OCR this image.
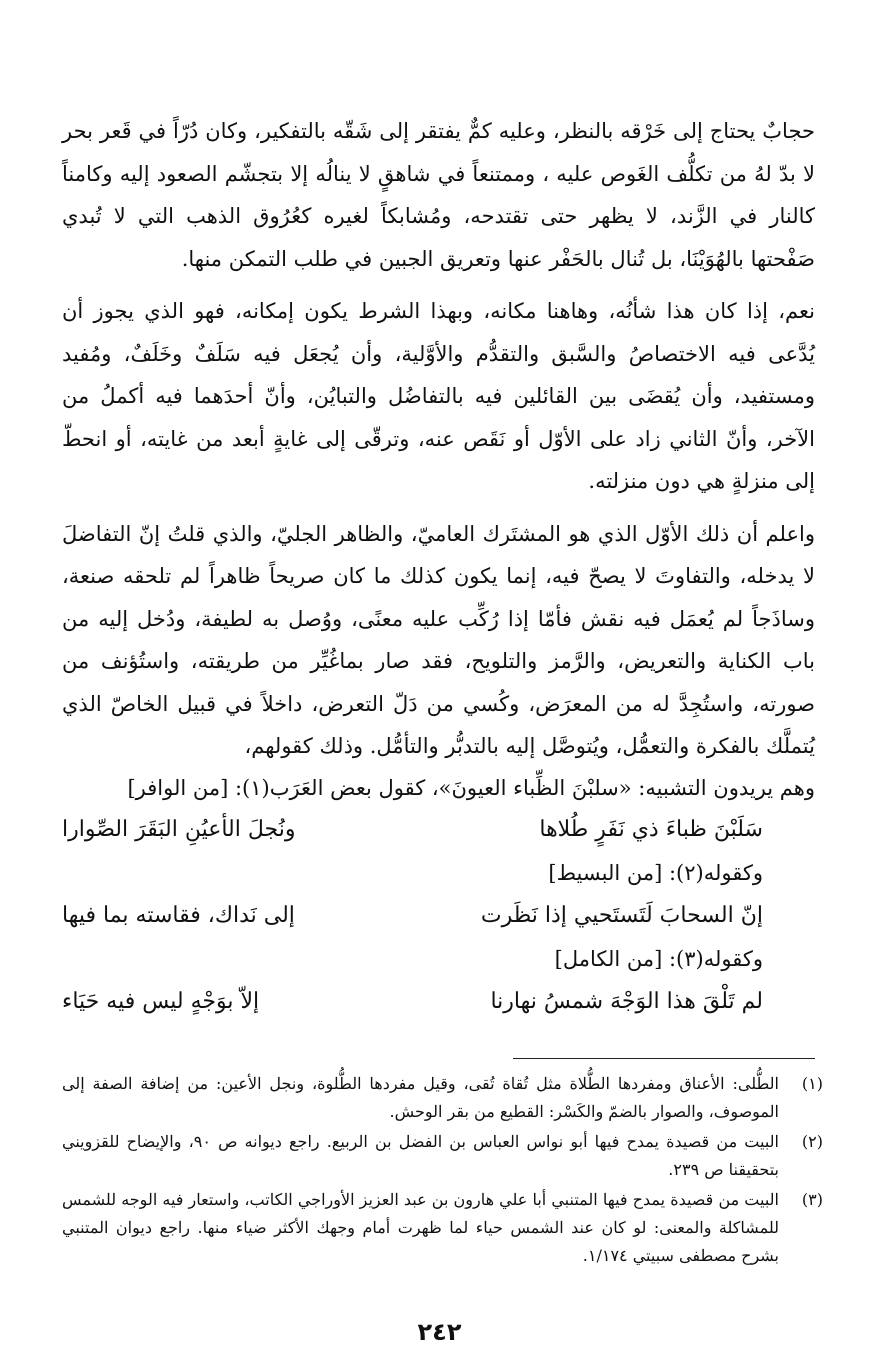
حجابٌ يحتاج إلى خَرْقه بالنظر، وعليه كمٌّ يفتقر إلى شَقّه بالتفكير، وكان دُرّاً في قَعر بحر لا بدّ لهُ من تكلُّف الغَوص عليه ، وممتنعاً في شاهقٍ لا ينالُه إلا بتجشّم الصعود إليه وكامناً كالنار في الزَّند، لا يظهر حتى تقتدحه، ومُشابكاً لغيره كعُرُوق الذهب التي لا تُبدي صَفْحتها بالهُوَيْنَا، بل تُنال بالحَفْر عنها وتعريق الجبين في طلب التمكن منها.

نعم، إذا كان هذا شأنُه، وهاهنا مكانه، وبهذا الشرط يكون إمكانه، فهو الذي يجوز أن يُدَّعى فيه الاختصاصُ والسَّبق والتقدُّم والأوَّلية، وأن يُجعَل فيه سَلَفٌ وخَلَفٌ، ومُفيد ومستفيد، وأن يُقضَى بين القائلين فيه بالتفاضُل والتبايُن، وأنّ أحدَهما فيه أكملُ من الآخر، وأنّ الثاني زاد على الأوّل أو نَقَص عنه، وترقّى إلى غايةٍ أبعد من غايته، أو انحطّ إلى منزلةٍ هي دون منزلته.

واعلم أن ذلك الأوّل الذي هو المشتَرك العاميّ، والظاهر الجليّ، والذي قلتُ إنّ التفاضلَ لا يدخله، والتفاوتَ لا يصحّ فيه، إنما يكون كذلك ما كان صريحاً ظاهراً لم تلحقه صنعة، وساذَجاً لم يُعمَل فيه نقش فأمّا إذا رُكِّب عليه معنًى، ووُصل به لطيفة، ودُخل إليه من باب الكناية والتعريض، والرَّمز والتلويح، فقد صار بماغُيِّر من طريقته، واستُؤنف من صورته، واستُجِدَّ له من المعرَض، وكُسي من دَلّ التعرض، داخلاً في قبيل الخاصّ الذي يُتملَّك بالفكرة والتعمُّل، ويُتوصَّل إليه بالتدبُّر والتأمُّل. وذلك كقولهم،

وهم يريدون التشبيه: «سلبْنَ الظِّباء العيونَ»، كقول بعض العَرَب(١): [من الوافر]

سَلَبْنَ ظباءَ ذي نَفَرٍ طُلاها
ونُجلَ الأعيُنِ البَقَرَ الصِّوارا

وكقوله(٢): [من البسيط]

إنّ السحابَ لَتَستَحيي إذا نَظَرت
إلى نَداك، فقاسته بما فيها

وكقوله(٣): [من الكامل]

لم تَلْقَ هذا الوَجْهَ شمسُ نهارنا
إلاّ بوَجْهٍ ليس فيه حَيَاء
(١)
الطُّلى: الأعناق ومفردها الطُّلاة مثل تُقاة تُقى، وقيل مفردها الطُّلوة، ونجل الأعين: من إضافة الصفة إلى الموصوف، والصوار بالضمّ والكَسْر: القطيع من بقر الوحش.
(٢)
البيت من قصيدة يمدح فيها أبو نواس العباس بن الفضل بن الربيع. راجع ديوانه ص ٩٠، والإيضاح للقزويني بتحقيقنا ص ٢٣٩.
(٣)
البيت من قصيدة يمدح فيها المتنبي أبا علي هارون بن عبد العزيز الأوراجي الكاتب، واستعار فيه الوجه للشمس للمشاكلة والمعنى: لو كان عند الشمس حياء لما ظهرت أمام وجهك الأكثر ضياء منها. راجع ديوان المتنبي بشرح مصطفى سبيتي ١/١٧٤.
٢٤٢
